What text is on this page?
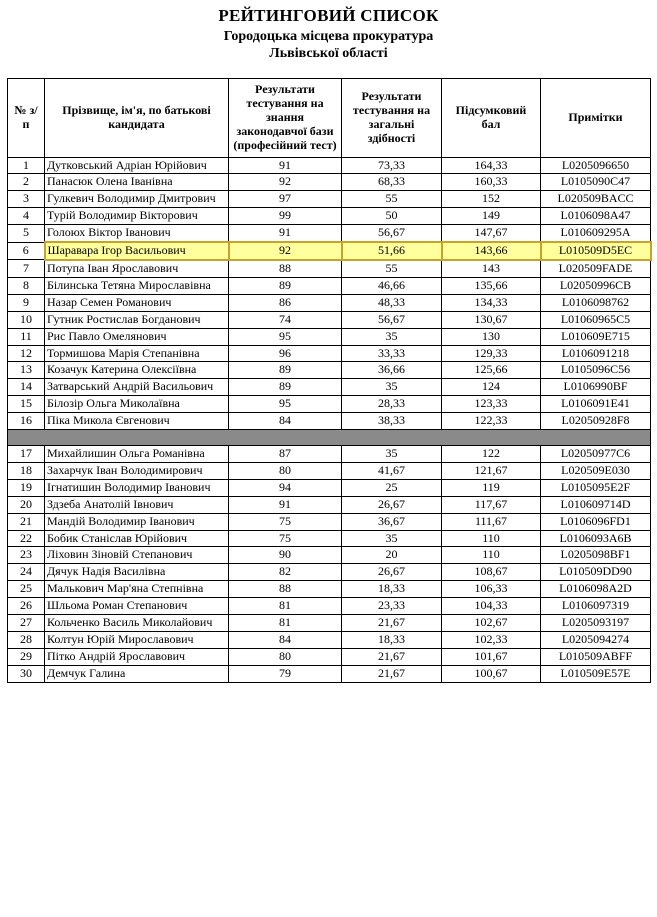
РЕЙТИНГОВИЙ СПИСОК
Городоцька місцева прокуратура
Львівської області
№ з/п	Прізвище, ім'я, по батькові кандидата	Результати тестування на знання законодавчої бази (професійний тест)	Результати тестування на загальні здібності	Підсумковий бал	Примітки
1	Дутковський Адріан Юрійович	91	73,33	164,33	L0205096650
2	Панасюк Олена Іванівна	92	68,33	160,33	L0105090C47
3	Гулкевич Володимир Дмитрович	97	55	152	L020509BACC
4	Турій Володимир Вікторович	99	50	149	L0106098A47
5	Голоюх Віктор Іванович	91	56,67	147,67	L010609295A
6	Шаравара Ігор Васильович	92	51,66	143,66	L010509D5EC
7	Потупа Іван Ярославович	88	55	143	L020509FADE
8	Білинська Тетяна Мирославівна	89	46,66	135,66	L02050996CB
9	Назар Семен Романович	86	48,33	134,33	L0106098762
10	Гутник Ростислав Богданович	74	56,67	130,67	L01060965C5
11	Рис Павло Омелянович	95	35	130	L010609E715
12	Тормишова Марія Степанівна	96	33,33	129,33	L0106091218
13	Козачук Катерина Олексіївна	89	36,66	125,66	L0105096C56
14	Затварський Андрій Васильович	89	35	124	L0106990BF
15	Білозір Ольга Миколаївна	95	28,33	123,33	L0106091E41
16	Піка Микола Євгенович	84	38,33	122,33	L02050928F8

17	Михайлишин Ольга Романівна	87	35	122	L02050977C6
18	Захарчук Іван Володимирович	80	41,67	121,67	L020509E030
19	Ігнатишин Володимир Іванович	94	25	119	L0105095E2F
20	Здзеба Анатолій Івнович	91	26,67	117,67	L010609714D
21	Мандій Володимир Іванович	75	36,67	111,67	L0106096FD1
22	Бобик Станіслав Юрійович	75	35	110	L0106093A6B
23	Ліховин Зіновій Степанович	90	20	110	L0205098BF1
24	Дячук Надія Василівна	82	26,67	108,67	L010509DD90
25	Малькович Мар'яна Степнівна	88	18,33	106,33	L0106098A2D
26	Шльома Роман Степанович	81	23,33	104,33	L0106097319
27	Кольченко Василь Миколайович	81	21,67	102,67	L0205093197
28	Колтун Юрій Мирославович	84	18,33	102,33	L0205094274
29	Пітко Андрій Ярославович	80	21,67	101,67	L010509ABFF
30	Демчук Галина	79	21,67	100,67	L010509E57E
